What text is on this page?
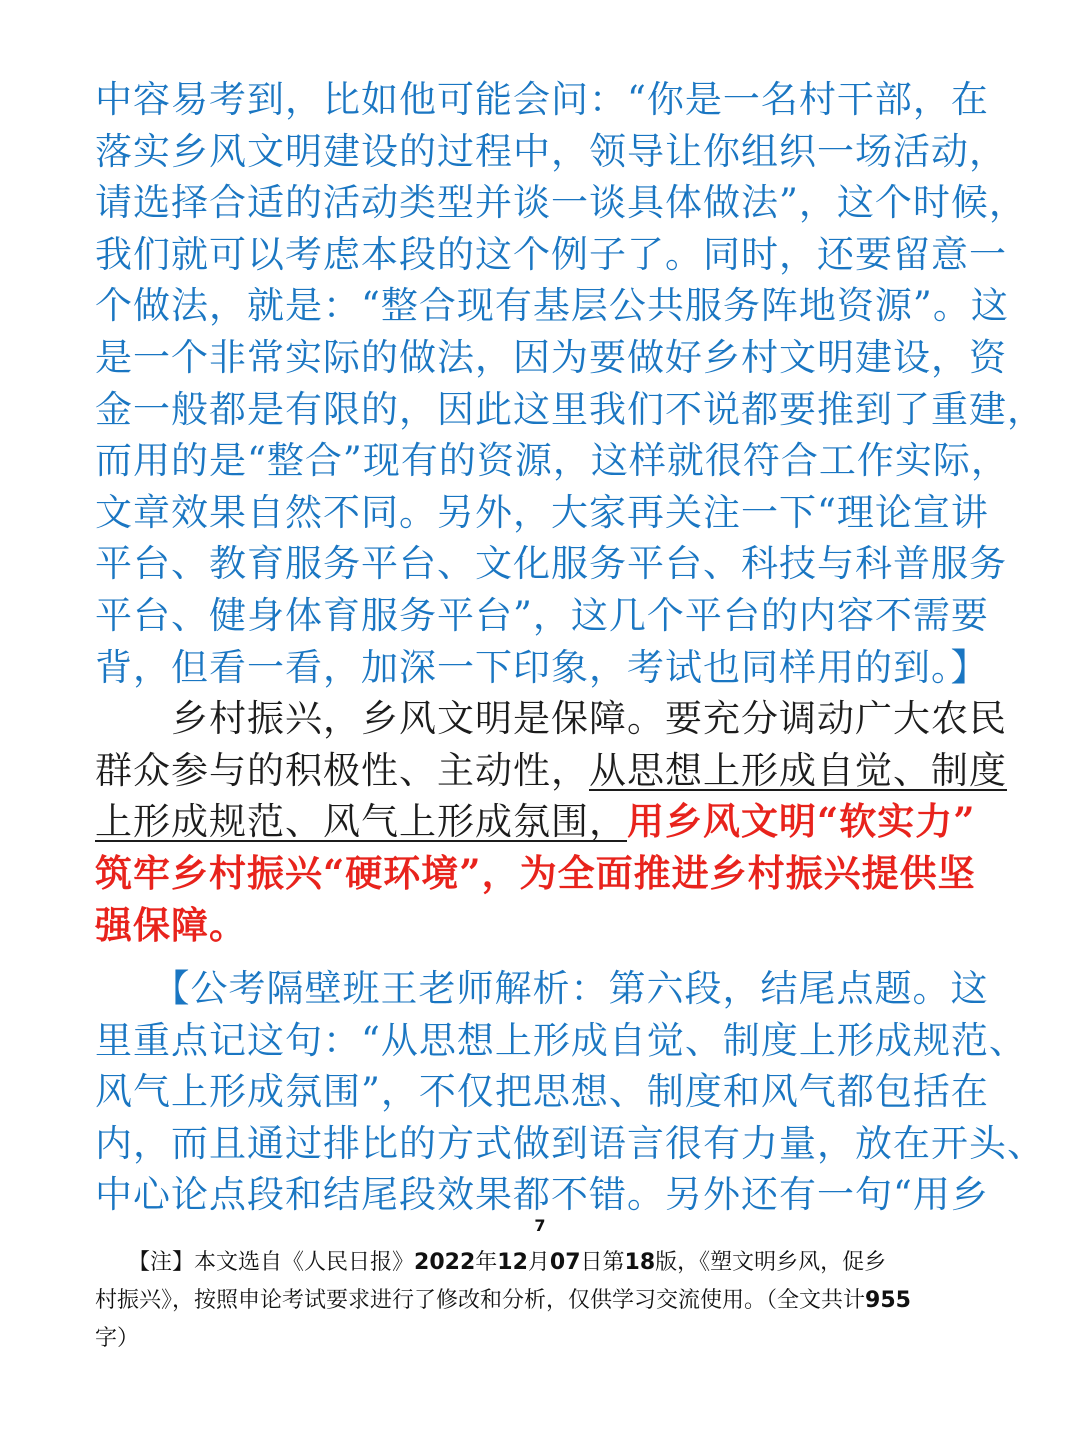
中容易考到，比如他可能会问：“你是一名村干部，在
落实乡风文明建设的过程中，领导让你组织一场活动，
请选择合适的活动类型并谈一谈具体做法”，这个时候，
我们就可以考虑本段的这个例子了。同时，还要留意一
个做法，就是：“整合现有基层公共服务阵地资源”。这
是一个非常实际的做法，因为要做好乡村文明建设，资
金一般都是有限的，因此这里我们不说都要推到了重建，
而用的是“整合”现有的资源，这样就很符合工作实际，
文章效果自然不同。另外，大家再关注一下“理论宣讲
平台、教育服务平台、文化服务平台、科技与科普服务
平台、健身体育服务平台”，这几个平台的内容不需要
背，但看一看，加深一下印象，考试也同样用的到。】
　　乡村振兴，乡风文明是保障。要充分调动广大农民
群众参与的积极性、主动性，从思想上形成自觉、制度
上形成规范、风气上形成氛围，用乡风文明“软实力”
筑牢乡村振兴“硬环境”，为全面推进乡村振兴提供坚
强保障。
　　【公考隔壁班王老师解析：第六段，结尾点题。这
里重点记这句：“从思想上形成自觉、制度上形成规范、
风气上形成氛围”，不仅把思想、制度和风气都包括在
内，而且通过排比的方式做到语言很有力量，放在开头、
中心论点段和结尾段效果都不错。另外还有一句“用乡
7
　　【注】本文选自《人民日报》2022年12月07日第18版，《塑文明乡风，促乡
村振兴》，按照申论考试要求进行了修改和分析，仅供学习交流使用。（全文共计955
字）
